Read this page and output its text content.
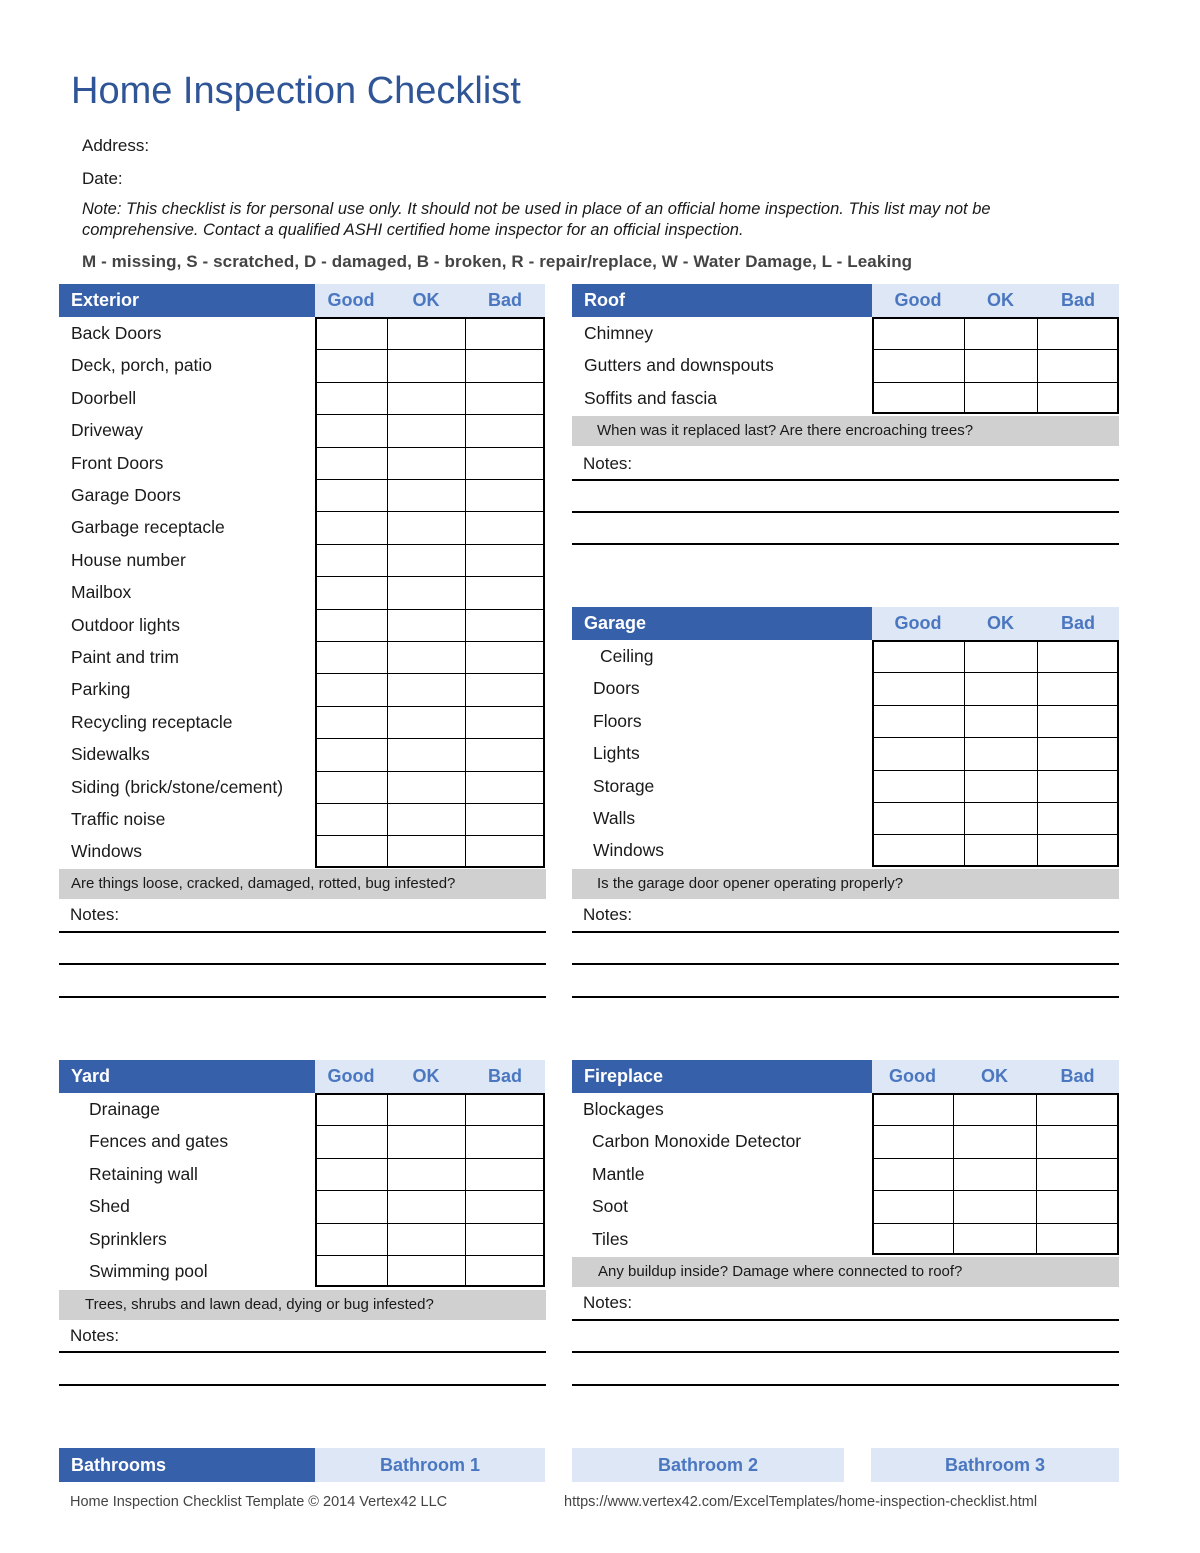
Home Inspection Checklist
Address:
Date:
Note: This checklist is for personal use only. It should not be used in place of an official home inspection. This list may not be
comprehensive. Contact a qualified ASHI certified home inspector for an official inspection.
M - missing, S - scratched, D - damaged, B - broken, R - repair/replace, W - Water Damage, L - Leaking
Exterior	Good	OK	Bad
Back Doors
Deck, porch, patio
Doorbell
Driveway
Front Doors
Garage Doors
Garbage receptacle
House number
Mailbox
Outdoor lights
Paint and trim
Parking
Recycling receptacle
Sidewalks
Siding (brick/stone/cement)
Traffic noise
Windows
Are things loose, cracked, damaged, rotted, bug infested?
Notes:
Roof	Good	OK	Bad
Chimney
Gutters and downspouts
Soffits and fascia
When was it replaced last? Are there encroaching trees?
Notes:
Garage	Good	OK	Bad
Ceiling
Doors
Floors
Lights
Storage
Walls
Windows
Is the garage door opener operating properly?
Notes:
Yard	Good	OK	Bad
Drainage
Fences and gates
Retaining wall
Shed
Sprinklers
Swimming pool
Trees, shrubs and lawn dead, dying or bug infested?
Notes:
Fireplace	Good	OK	Bad
Blockages
Carbon Monoxide Detector
Mantle
Soot
Tiles
Any buildup inside? Damage where connected to roof?
Notes:
Bathrooms	Bathroom 1	Bathroom 2	Bathroom 3
Home Inspection Checklist Template © 2014 Vertex42 LLC	https://www.vertex42.com/ExcelTemplates/home-inspection-checklist.html
